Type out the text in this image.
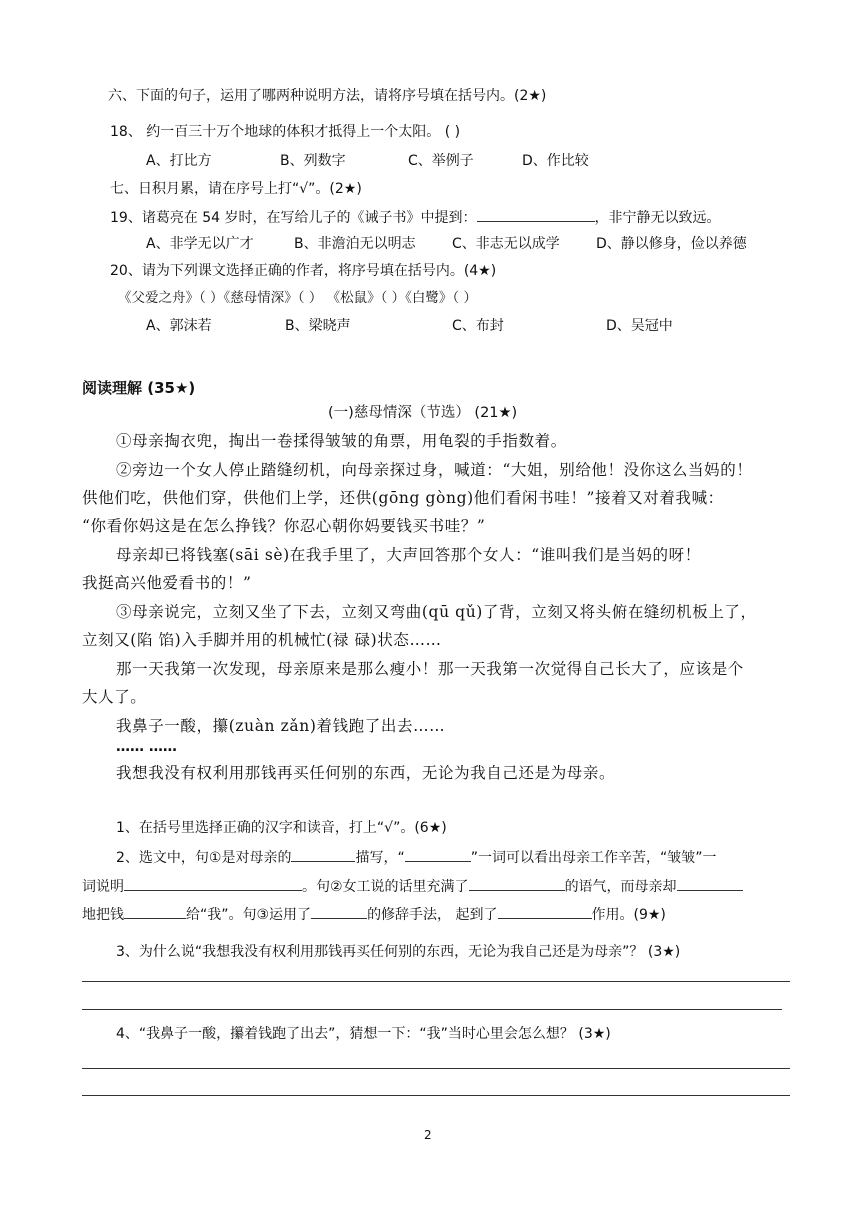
六、下面的句子，运用了哪两种说明方法，请将序号填在括号内。(2★)
18、 约一百三十万个地球的体积才抵得上一个太阳。 ( )
A、打比方	B、列数字	C、举例子	D、作比较
七、日积月累，请在序号上打“√”。(2★)
19、诸葛亮在 54 岁时，在写给儿子的《诫子书》中提到：	，非宁静无以致远。
A、非学无以广才	B、非澹泊无以明志	C、非志无以成学	D、静以修身，俭以养德
20、请为下列课文选择正确的作者，将序号填在括号内。(4★)
《父爱之舟》（ ）《慈母情深》（ ） 《松鼠》（ ）《白鹭》（ ）
A、郭沫若	B、梁晓声	C、布封	D、吴冠中
阅读理解 (35★)
(一)慈母情深（节选） (21★)
①母亲掏衣兜，掏出一卷揉得皱皱的角票，用龟裂的手指数着。
②旁边一个女人停止踏缝纫机，向母亲探过身，喊道：“大姐，别给他！没你这么当妈的！
供他们吃，供他们穿，供他们上学，还供(gōng gòng)他们看闲书哇！”接着又对着我喊：
“你看你妈这是在怎么挣钱？你忍心朝你妈要钱买书哇？”
母亲却已将钱塞(sāi sè)在我手里了，大声回答那个女人：“谁叫我们是当妈的呀！
我挺高兴他爱看书的！”
③母亲说完，立刻又坐了下去，立刻又弯曲(qū qǔ)了背，立刻又将头俯在缝纫机板上了，
立刻又(陷 馅)入手脚并用的机械忙(禄 碌)状态……
那一天我第一次发现，母亲原来是那么瘦小！那一天我第一次觉得自己长大了，应该是个
大人了。
我鼻子一酸，攥(zuàn zǎn)着钱跑了出去……
…… ……
我想我没有权利用那钱再买任何别的东西，无论为我自己还是为母亲。
1、在括号里选择正确的汉字和读音，打上“√”。(6★)
2、选文中，句①是对母亲的	描写，“	”一词可以看出母亲工作辛苦，“皱皱”一
词说明	。句②女工说的话里充满了	的语气，而母亲却
地把钱	给“我”。句③运用了	的修辞手法， 起到了	作用。(9★)
3、为什么说“我想我没有权利用那钱再买任何别的东西，无论为我自己还是为母亲”？ (3★)
4、“我鼻子一酸，攥着钱跑了出去”，猜想一下：“我”当时心里会怎么想？ (3★)
2
